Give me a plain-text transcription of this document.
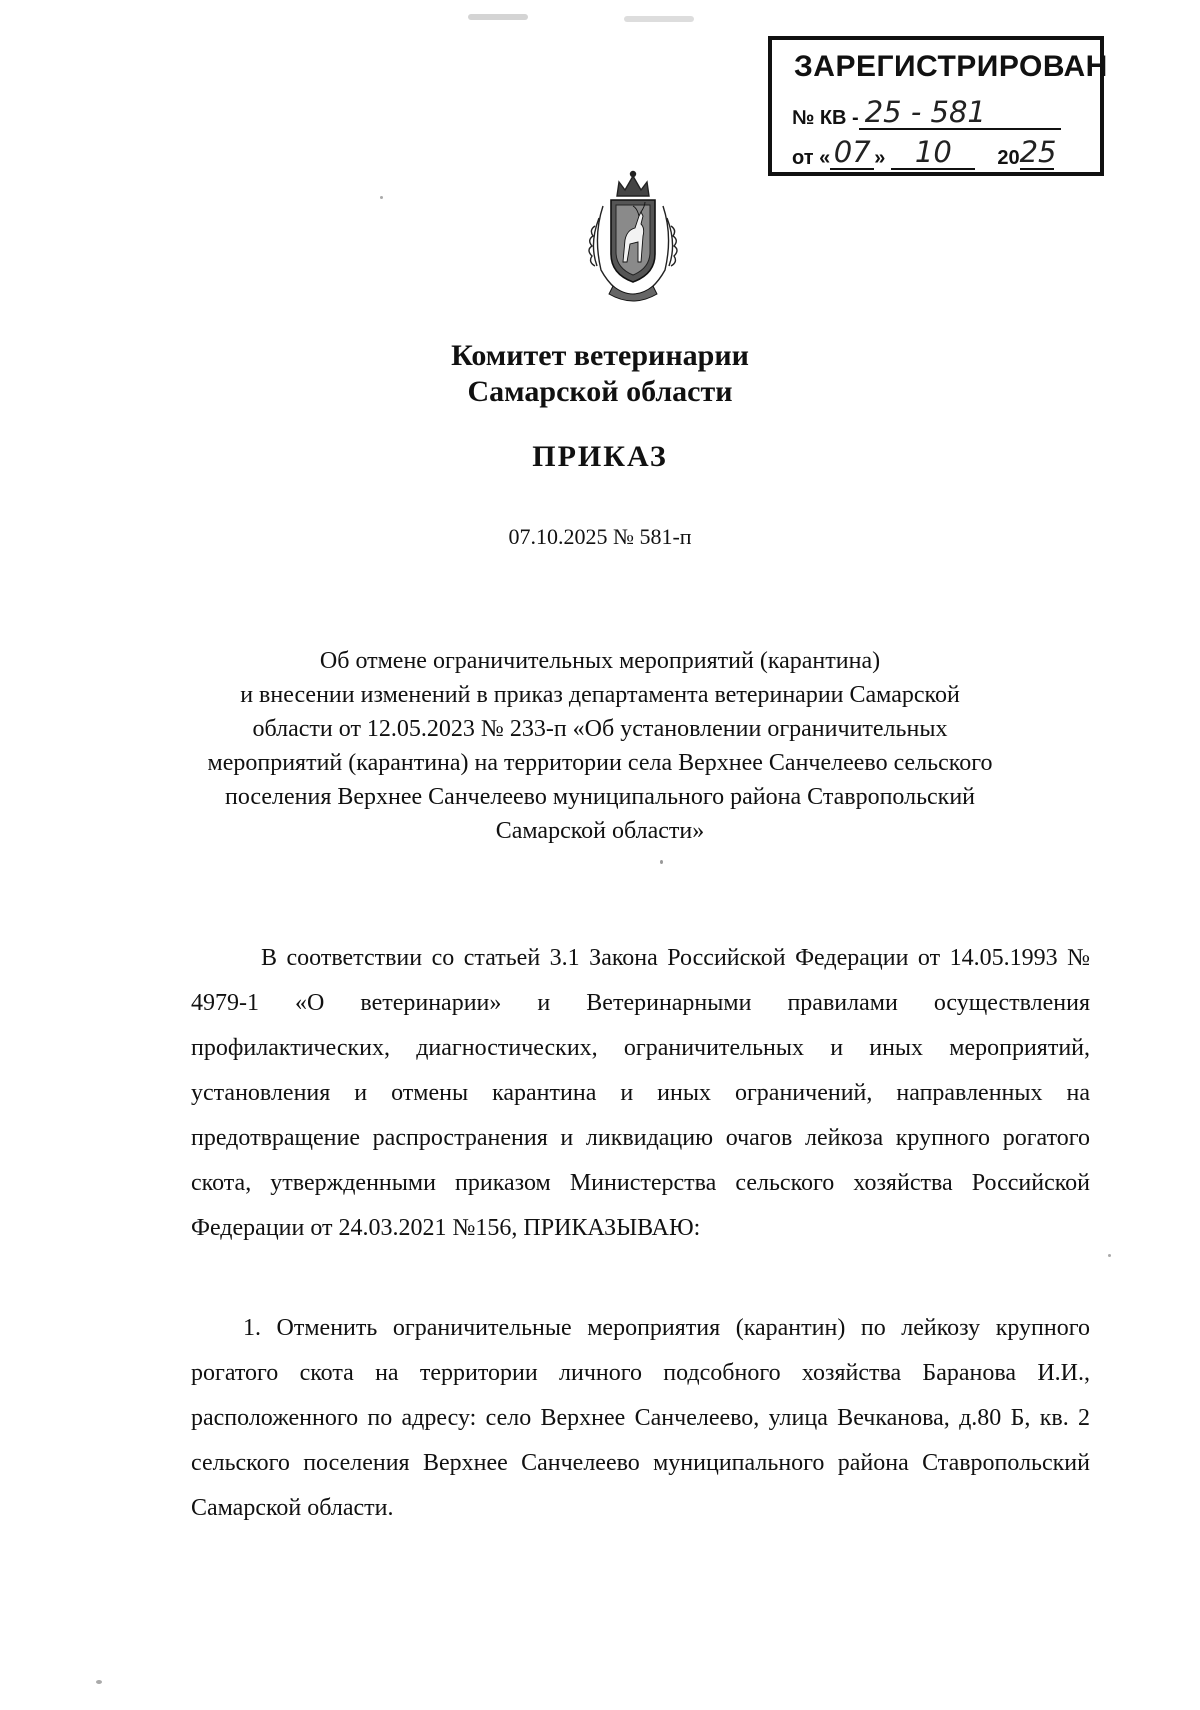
ЗАРЕГИСТРИРОВАН
№ КВ - 25 - 581
от « 07 »	10	20 25
Комитет ветеринарии
Самарской области
ПРИКАЗ
07.10.2025 № 581-п
Об отмене ограничительных мероприятий (карантина)
и внесении изменений в приказ департамента ветеринарии Самарской
области от 12.05.2023 № 233-п «Об установлении ограничительных
мероприятий (карантина) на территории села Верхнее Санчелеево сельского
поселения Верхнее Санчелеево муниципального района Ставропольский
Самарской области»
В соответствии со статьей 3.1 Закона Российской Федерации от 14.05.1993 № 4979-1 «О ветеринарии» и Ветеринарными правилами осуществления профилактических, диагностических, ограничительных и иных мероприятий, установления и отмены карантина и иных ограничений, направленных на предотвращение распространения и ликвидацию очагов лейкоза крупного рогатого скота, утвержденными приказом Министерства сельского хозяйства Российской Федерации от 24.03.2021 №156, ПРИКАЗЫВАЮ:
1. Отменить ограничительные мероприятия (карантин) по лейкозу крупного рогатого скота на территории личного подсобного хозяйства Баранова И.И., расположенного по адресу: село Верхнее Санчелеево, улица Вечканова, д.80 Б, кв. 2 сельского поселения Верхнее Санчелеево муниципального района Ставропольский Самарской области.
